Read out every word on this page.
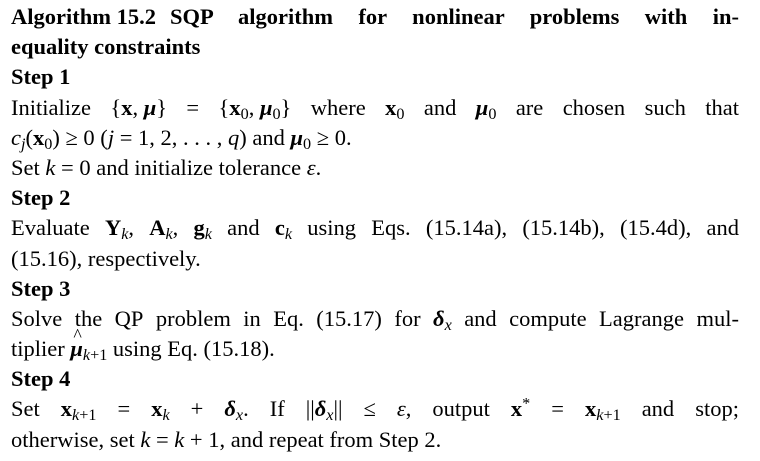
Algorithm 15.2 SQP algorithm for nonlinear problems with in-
equality constraints
Step 1
Initialize {x, $\mu\} = \{x_0$, $\mu_0$} where $x_0$ and $\mu_0$ are chosen such that
$c_j(x_0) \ge 0$ (j = 1, 2, . . . , q) and $\mu_0 \ge 0$.
Set k = 0 and initialize tolerance ε.
Step 2
Evaluate $Y_k$, $A_k$, $g_k$ and $c_k$ using Eqs. (15.14a), (15.14b), (15.4d), and
(15.16), respectively.
Step 3
Solve the QP problem in Eq. (15.17) for $\delta_x$ and compute Lagrange mul-
tiplier ^ $\mu_{k+1}$ using Eq. (15.18).
Step 4
Set $x_{k+1} = x_k + \delta_x$. If $||\delta_x|| \le \varepsilon$, output $x^* = x_{k+1}$ and stop;
otherwise, set k = k + 1, and repeat from Step 2.
